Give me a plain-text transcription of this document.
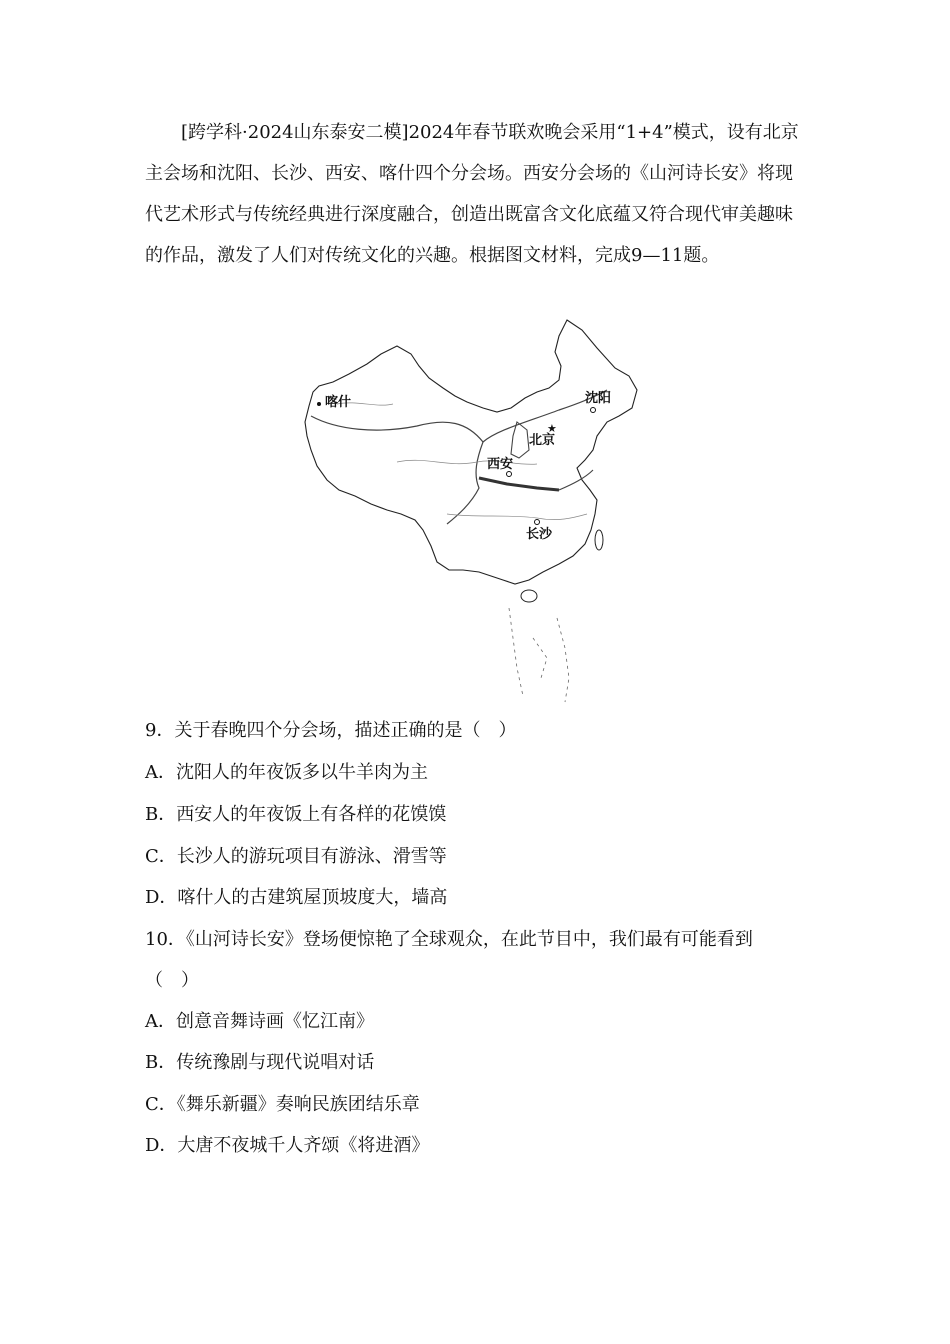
[跨学科·2024山东泰安二模]2024年春节联欢晚会采用“1+4”模式，设有北京主会场和沈阳、长沙、西安、喀什四个分会场。西安分会场的《山河诗长安》将现代艺术形式与传统经典进行深度融合，创造出既富含文化底蕴又符合现代审美趣味的作品，激发了人们对传统文化的兴趣。根据图文材料，完成9—11题。

喀什	沈阳
★
北京
西安
长沙

9．关于春晚四个分会场，描述正确的是（　）

A．沈阳人的年夜饭多以牛羊肉为主

B．西安人的年夜饭上有各样的花馍馍

C．长沙人的游玩项目有游泳、滑雪等

D．喀什人的古建筑屋顶坡度大，墙高

10．《山河诗长安》登场便惊艳了全球观众，在此节目中，我们最有可能看到

（　）

A．创意音舞诗画《忆江南》

B．传统豫剧与现代说唱对话

C．《舞乐新疆》奏响民族团结乐章

D．大唐不夜城千人齐颂《将进酒》
